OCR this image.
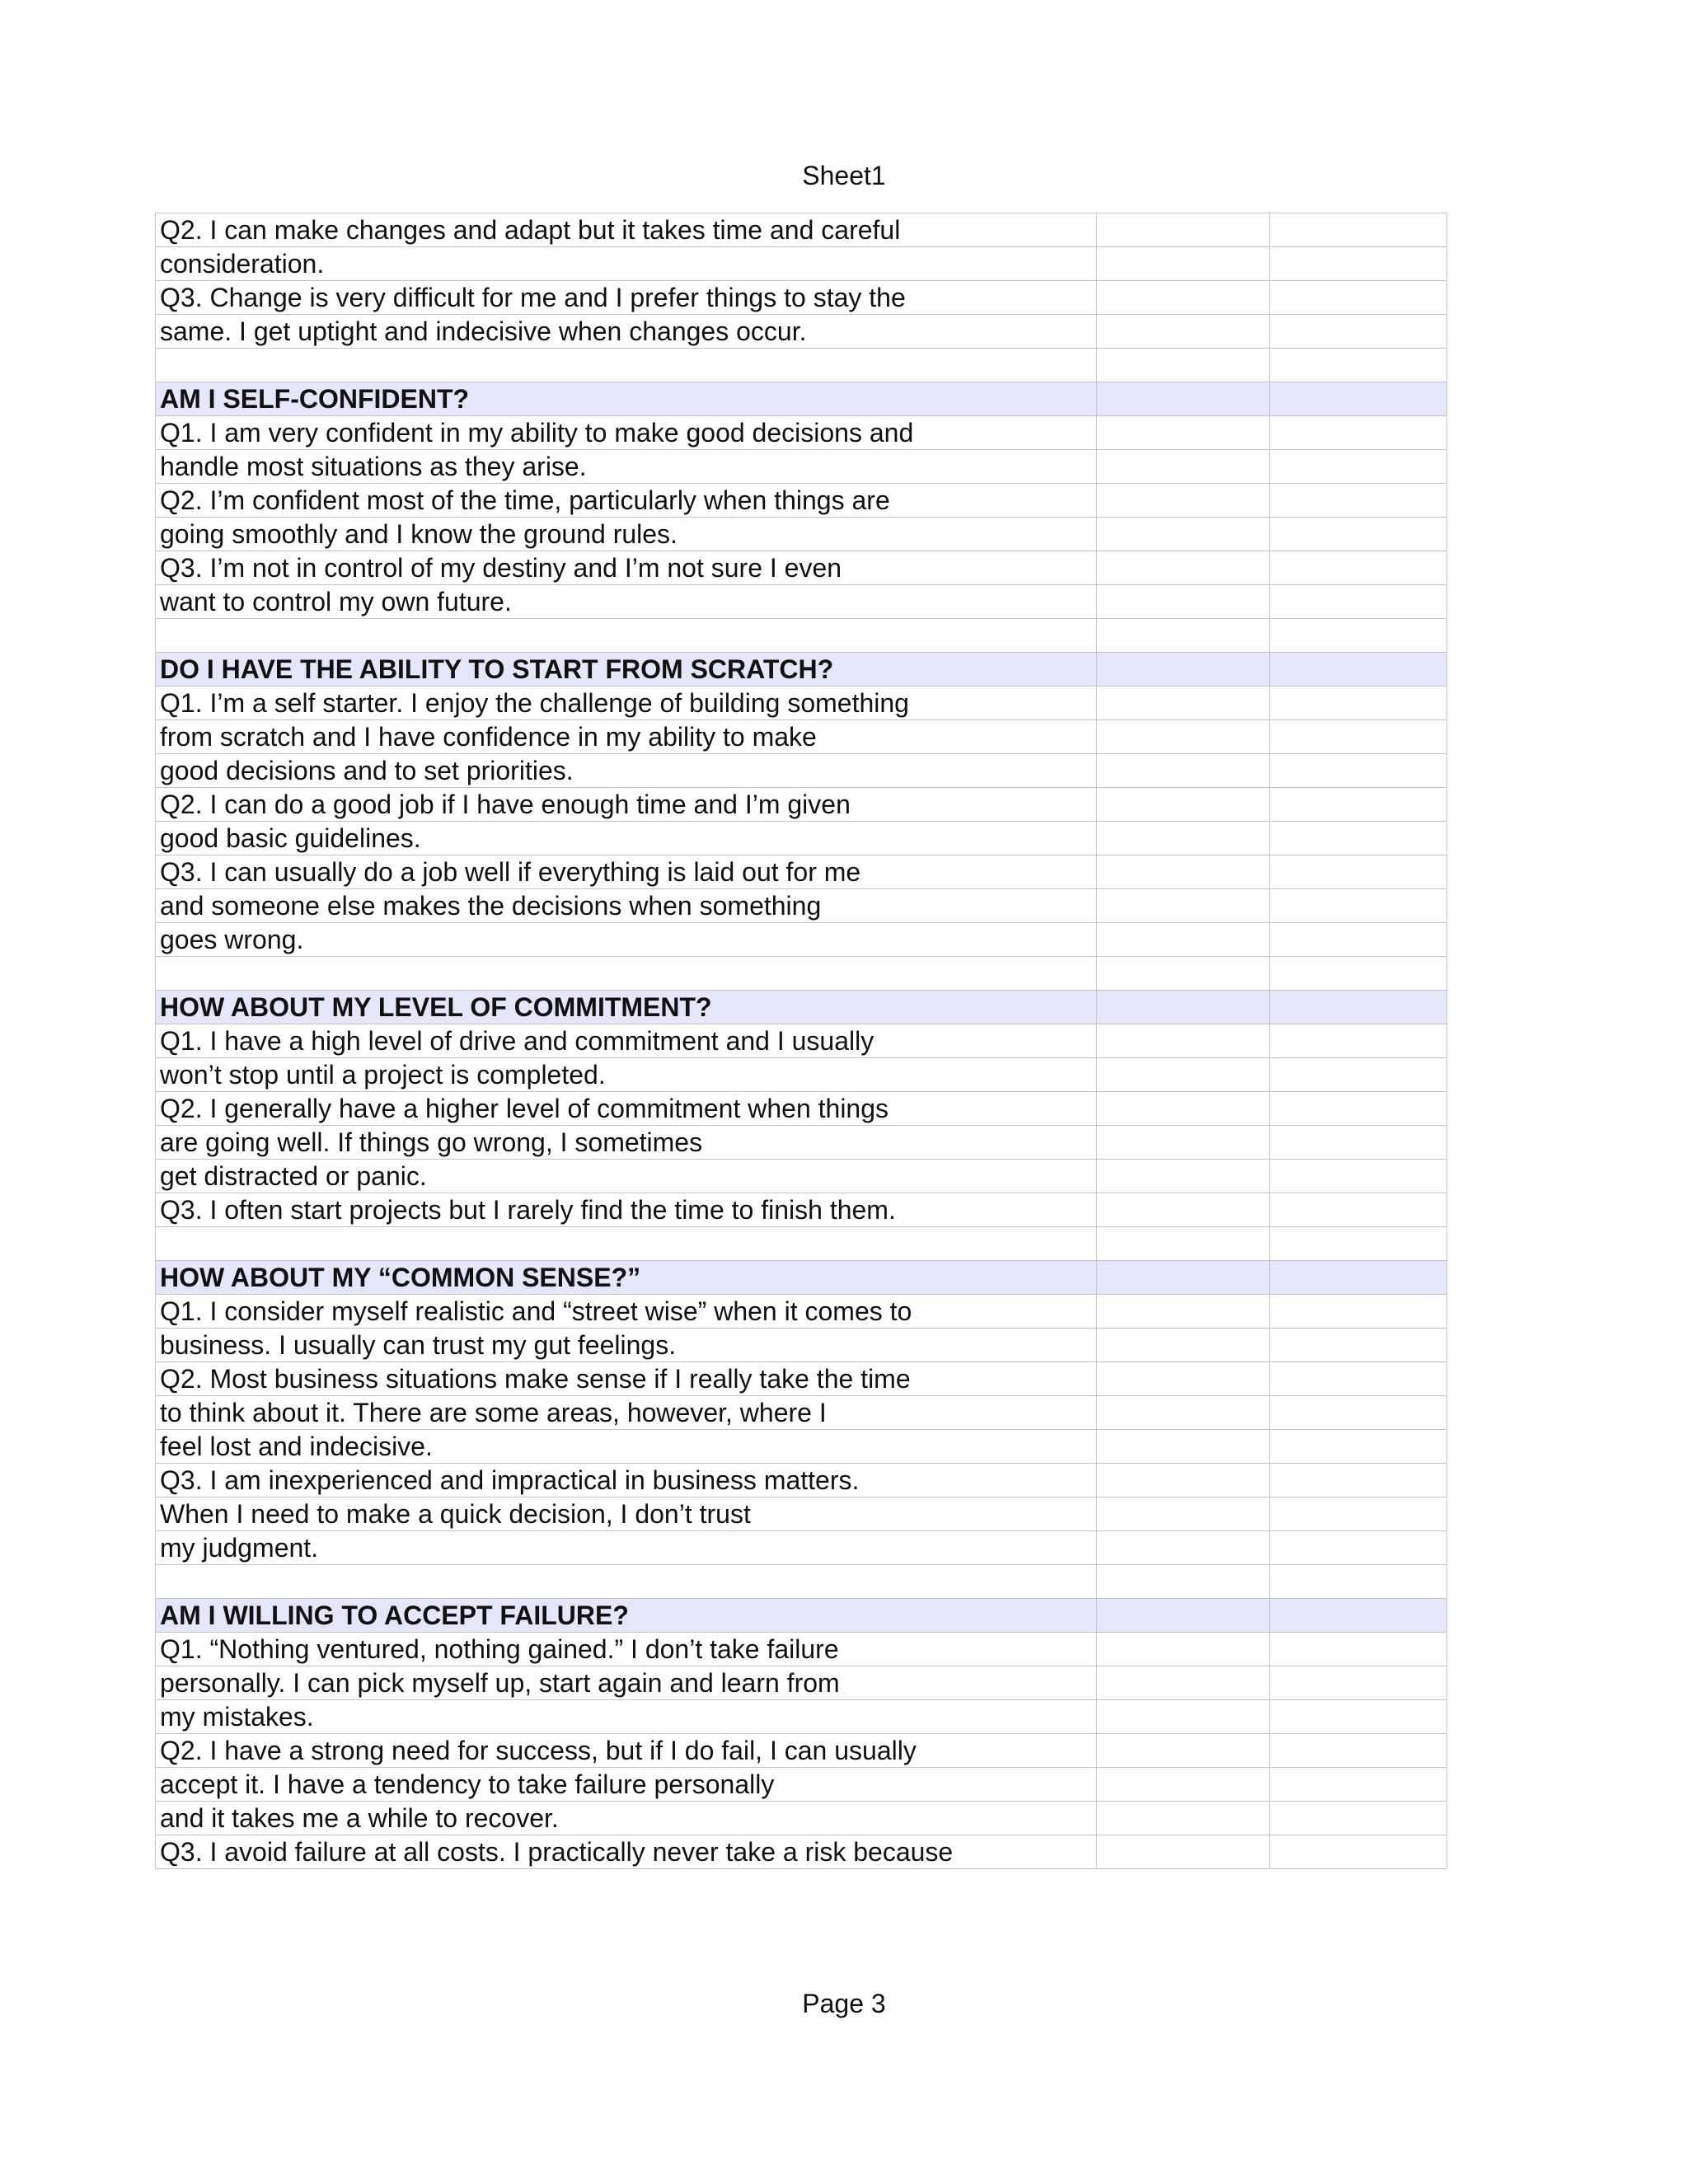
Sheet1
Q2. I can make changes and adapt but it takes time and careful		
consideration.		
Q3. Change is very difficult for me and I prefer things to stay the		
same. I get uptight and indecisive when changes occur.		

AM I SELF-CONFIDENT?		
Q1. I am very confident in my ability to make good decisions and		
handle most situations as they arise.		
Q2. I’m confident most of the time, particularly when things are		
going smoothly and I know the ground rules.		
Q3. I’m not in control of my destiny and I’m not sure I even		
want to control my own future.		

DO I HAVE THE ABILITY TO START FROM SCRATCH?		
Q1. I’m a self starter. I enjoy the challenge of building something		
from scratch and I have confidence in my ability to make		
good decisions and to set priorities.		
Q2. I can do a good job if I have enough time and I’m given		
good basic guidelines.		
Q3. I can usually do a job well if everything is laid out for me		
and someone else makes the decisions when something		
goes wrong.		

HOW ABOUT MY LEVEL OF COMMITMENT?		
Q1. I have a high level of drive and commitment and I usually		
won’t stop until a project is completed.		
Q2. I generally have a higher level of commitment when things		
are going well. If things go wrong, I sometimes		
get distracted or panic.		
Q3. I often start projects but I rarely find the time to finish them.		

HOW ABOUT MY “COMMON SENSE?”		
Q1. I consider myself realistic and “street wise” when it comes to		
business. I usually can trust my gut feelings.		
Q2. Most business situations make sense if I really take the time		
to think about it. There are some areas, however, where I		
feel lost and indecisive.		
Q3. I am inexperienced and impractical in business matters.		
When I need to make a quick decision, I don’t trust		
my judgment.		

AM I WILLING TO ACCEPT FAILURE?		
Q1. “Nothing ventured, nothing gained.” I don’t take failure		
personally. I can pick myself up, start again and learn from		
my mistakes.		
Q2. I have a strong need for success, but if I do fail, I can usually		
accept it. I have a tendency to take failure personally		
and it takes me a while to recover.		
Q3. I avoid failure at all costs. I practically never take a risk because		
Page 3
